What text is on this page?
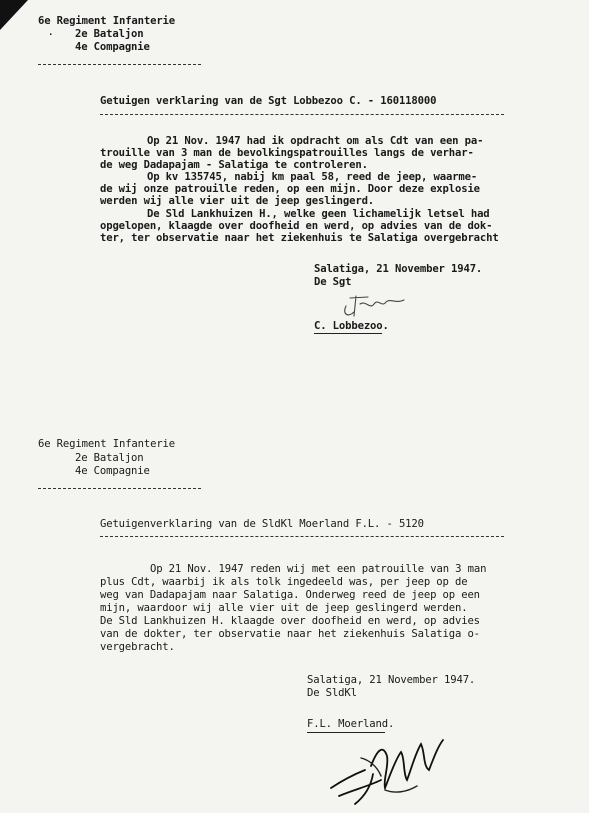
6e Regiment Infanterie
. 2e Bataljon
4e Compagnie
Getuigen verklaring van de Sgt Lobbezoo C. - 160118000
Op 21 Nov. 1947 had ik opdracht om als Cdt van een pa-
trouille van 3 man de bevolkingspatrouilles langs de verhar-
de weg Dadapajam - Salatiga te controleren.
Op kv 135745, nabij km paal 58, reed de jeep, waarme-
de wij onze patrouille reden, op een mijn. Door deze explosie
werden wij alle vier uit de jeep geslingerd.
De Sld Lankhuizen H., welke geen lichamelijk letsel had
opgelopen, klaagde over doofheid en werd, op advies van de dok-
ter, ter observatie naar het ziekenhuis te Salatiga overgebracht
Salatiga, 21 November 1947.
De Sgt
C. Lobbezoo.
6e Regiment Infanterie
2e Bataljon
4e Compagnie
Getuigenverklaring van de SldKl Moerland F.L. - 5120
Op 21 Nov. 1947 reden wij met een patrouille van 3 man
plus Cdt, waarbij ik als tolk ingedeeld was, per jeep op de
weg van Dadapajam naar Salatiga. Onderweg reed de jeep op een
mijn, waardoor wij alle vier uit de jeep geslingerd werden.
De Sld Lankhuizen H. klaagde over doofheid en werd, op advies
van de dokter, ter observatie naar het ziekenhuis Salatiga o-
vergebracht.
Salatiga, 21 November 1947.
De SldKl
F.L. Moerland.
